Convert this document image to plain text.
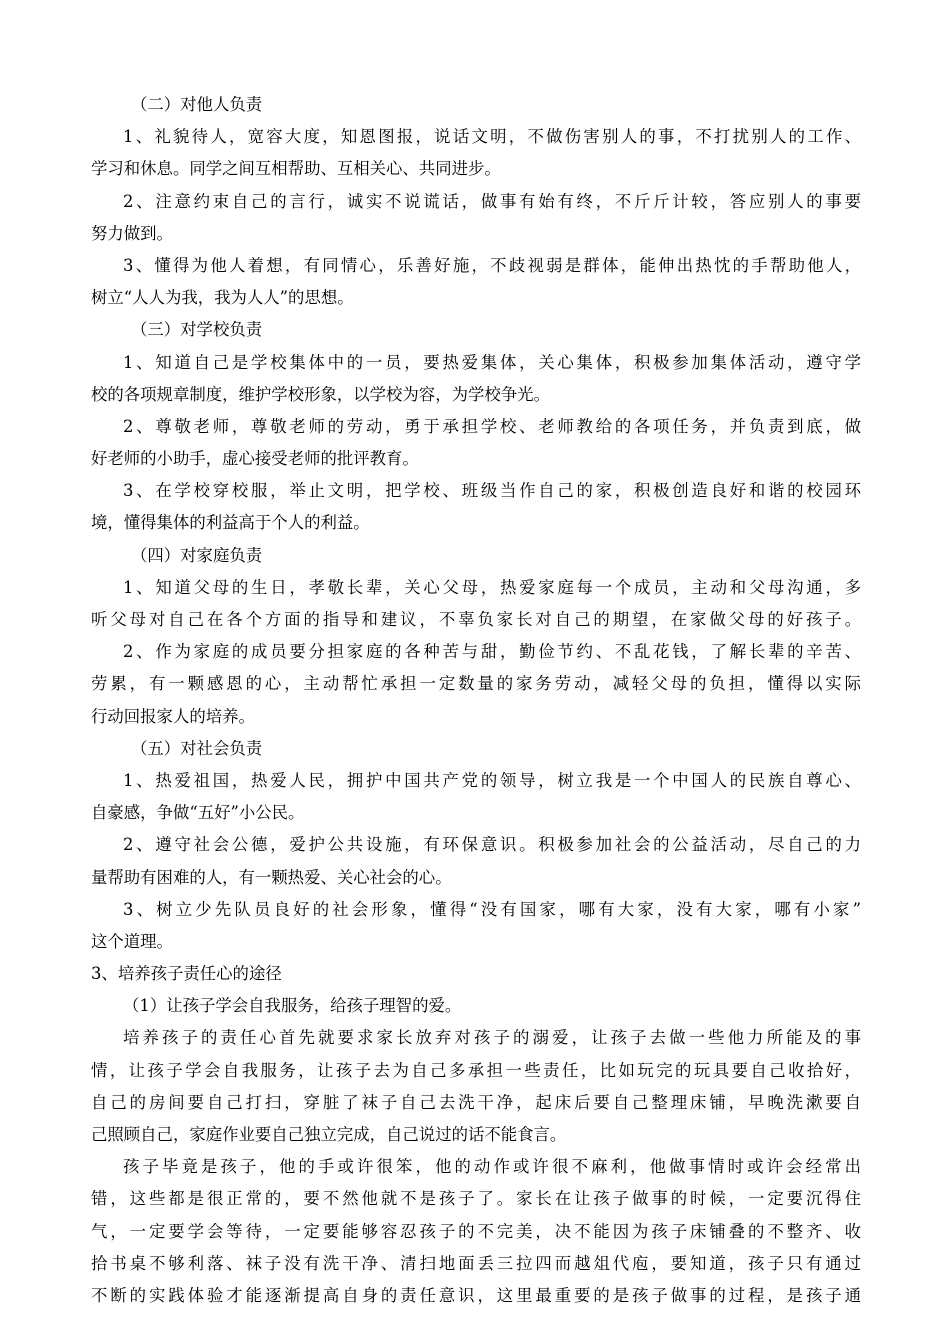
（二）对他人负责
1、礼貌待人，宽容大度，知恩图报，说话文明，不做伤害别人的事，不打扰别人的工作、
学习和休息。同学之间互相帮助、互相关心、共同进步。
2、注意约束自己的言行，诚实不说谎话，做事有始有终，不斤斤计较，答应别人的事要
努力做到。
3、懂得为他人着想，有同情心，乐善好施，不歧视弱是群体，能伸出热忱的手帮助他人，
树立“人人为我，我为人人”的思想。
（三）对学校负责
1、知道自己是学校集体中的一员，要热爱集体，关心集体，积极参加集体活动，遵守学
校的各项规章制度，维护学校形象，以学校为容，为学校争光。
2、尊敬老师，尊敬老师的劳动，勇于承担学校、老师教给的各项任务，并负责到底，做
好老师的小助手，虚心接受老师的批评教育。
3、在学校穿校服，举止文明，把学校、班级当作自己的家，积极创造良好和谐的校园环
境，懂得集体的利益高于个人的利益。
（四）对家庭负责
1、知道父母的生日，孝敬长辈，关心父母，热爱家庭每一个成员，主动和父母沟通，多
听父母对自己在各个方面的指导和建议，不辜负家长对自己的期望，在家做父母的好孩子。
2、作为家庭的成员要分担家庭的各种苦与甜，勤俭节约、不乱花钱，了解长辈的辛苦、
劳累，有一颗感恩的心，主动帮忙承担一定数量的家务劳动，减轻父母的负担，懂得以实际
行动回报家人的培养。
（五）对社会负责
1、热爱祖国，热爱人民，拥护中国共产党的领导，树立我是一个中国人的民族自尊心、
自豪感，争做“五好”小公民。
2、遵守社会公德，爱护公共设施，有环保意识。积极参加社会的公益活动，尽自己的力
量帮助有困难的人，有一颗热爱、关心社会的心。
3、树立少先队员良好的社会形象，懂得“没有国家，哪有大家，没有大家，哪有小家”
这个道理。
3、培养孩子责任心的途径
（1）让孩子学会自我服务，给孩子理智的爱。
培养孩子的责任心首先就要求家长放弃对孩子的溺爱，让孩子去做一些他力所能及的事
情，让孩子学会自我服务，让孩子去为自己多承担一些责任，比如玩完的玩具要自己收拾好，
自己的房间要自己打扫，穿脏了袜子自己去洗干净，起床后要自己整理床铺，早晚洗漱要自
己照顾自己，家庭作业要自己独立完成，自己说过的话不能食言。
孩子毕竟是孩子，他的手或许很笨，他的动作或许很不麻利，他做事情时或许会经常出
错，这些都是很正常的，要不然他就不是孩子了。家长在让孩子做事的时候，一定要沉得住
气，一定要学会等待，一定要能够容忍孩子的不完美，决不能因为孩子床铺叠的不整齐、收
拾书桌不够利落、袜子没有洗干净、清扫地面丢三拉四而越俎代庖，要知道，孩子只有通过
不断的实践体验才能逐渐提高自身的责任意识，这里最重要的是孩子做事的过程，是孩子通
